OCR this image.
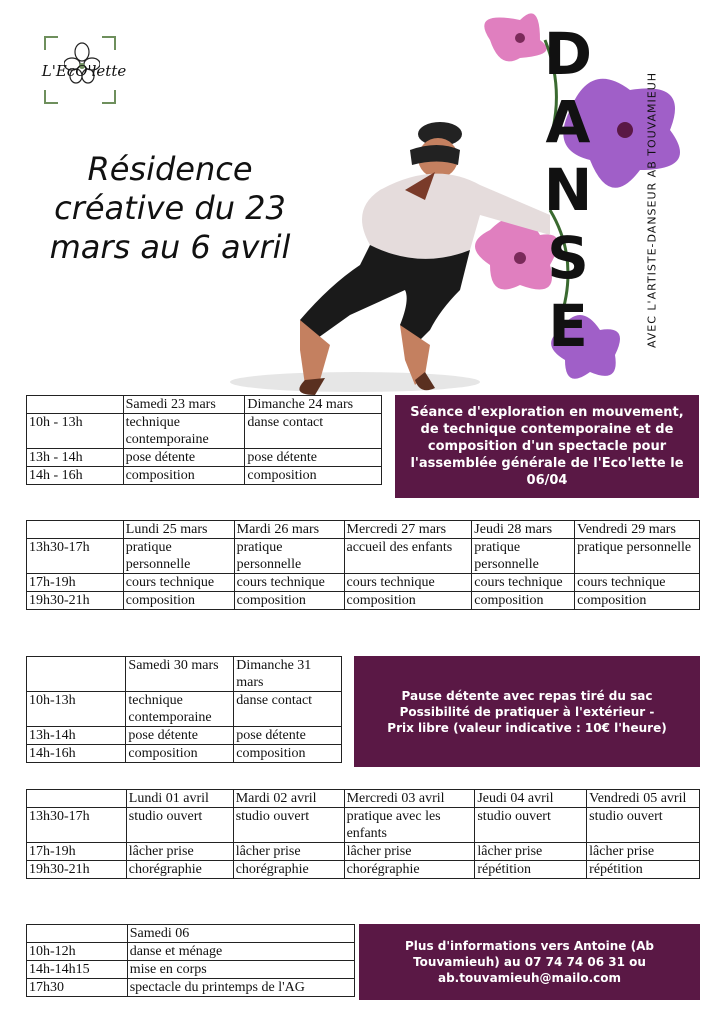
L'EcO'lette
Résidence créative du 23 mars au 6 avril
D
A
N
S
E	AVEC L'ARTISTE-DANSEUR AB TOUVAMIEUH
	Samedi 23 mars	Dimanche 24 mars
10h - 13h	technique contemporaine	danse contact
13h - 14h	pose détente	pose détente
14h - 16h	composition	composition
Séance d'exploration en mouvement, de technique contemporaine et de composition d'un spectacle pour l'assemblée générale de l'Eco'lette le 06/04
	Lundi 25 mars	Mardi 26 mars	Mercredi 27 mars	Jeudi 28 mars	Vendredi 29 mars
13h30-17h	pratique personnelle	pratique personnelle	accueil des enfants	pratique personnelle	pratique personnelle
17h-19h	cours technique	cours technique	cours technique	cours technique	cours technique
19h30-21h	composition	composition	composition	composition	composition
	Samedi 30 mars	Dimanche 31 mars
10h-13h	technique contemporaine	danse contact
13h-14h	pose détente	pose détente
14h-16h	composition	composition
Pause détente avec repas tiré du sac
Possibilité de pratiquer à l'extérieur -
Prix libre (valeur indicative : 10€ l'heure)
	Lundi 01 avril	Mardi 02 avril	Mercredi 03 avril	Jeudi 04 avril	Vendredi 05 avril
13h30-17h	studio ouvert	studio ouvert	pratique avec les enfants	studio ouvert	studio ouvert
17h-19h	lâcher prise	lâcher prise	lâcher prise	lâcher prise	lâcher prise
19h30-21h	chorégraphie	chorégraphie	chorégraphie	répétition	répétition
	Samedi 06
10h-12h	danse et ménage
14h-14h15	mise en corps
17h30	spectacle du printemps de l'AG
Plus d'informations vers Antoine (Ab
Touvamieuh) au 07 74 74 06 31 ou
ab.touvamieuh@mailo.com
